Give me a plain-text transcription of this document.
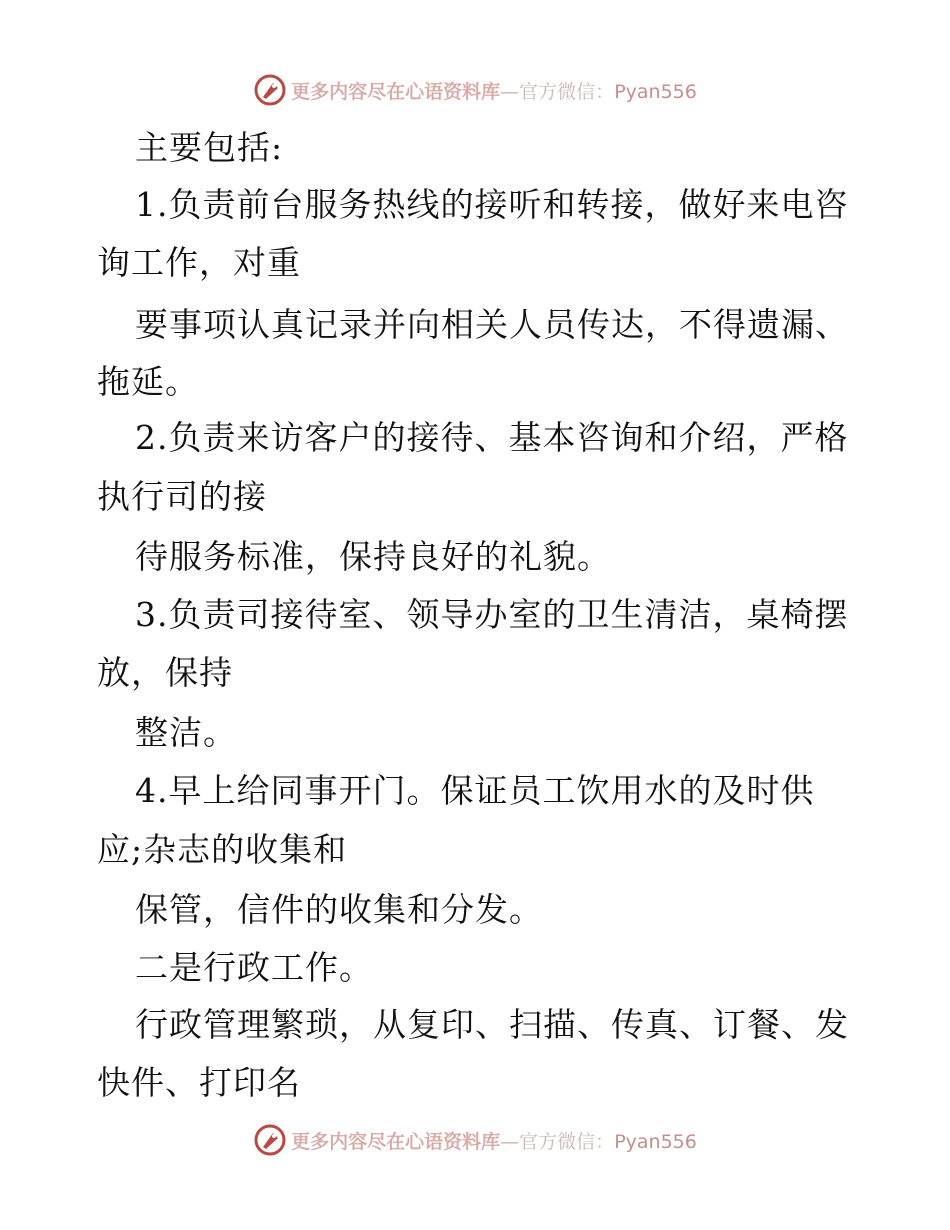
更多内容尽在心语资料库—官方微信：Pyan556
主要包括:
1.负责前台服务热线的接听和转接，做好来电咨
询工作，对重
要事项认真记录并向相关人员传达，不得遗漏、
拖延。
2.负责来访客户的接待、基本咨询和介绍，严格
执行司的接
待服务标准，保持良好的礼貌。
3.负责司接待室、领导办室的卫生清洁，桌椅摆
放，保持
整洁。
4.早上给同事开门。保证员工饮用水的及时供
应;杂志的收集和
保管，信件的收集和分发。
二是行政工作。
行政管理繁琐，从复印、扫描、传真、订餐、发
快件、打印名
更多内容尽在心语资料库—官方微信：Pyan556
